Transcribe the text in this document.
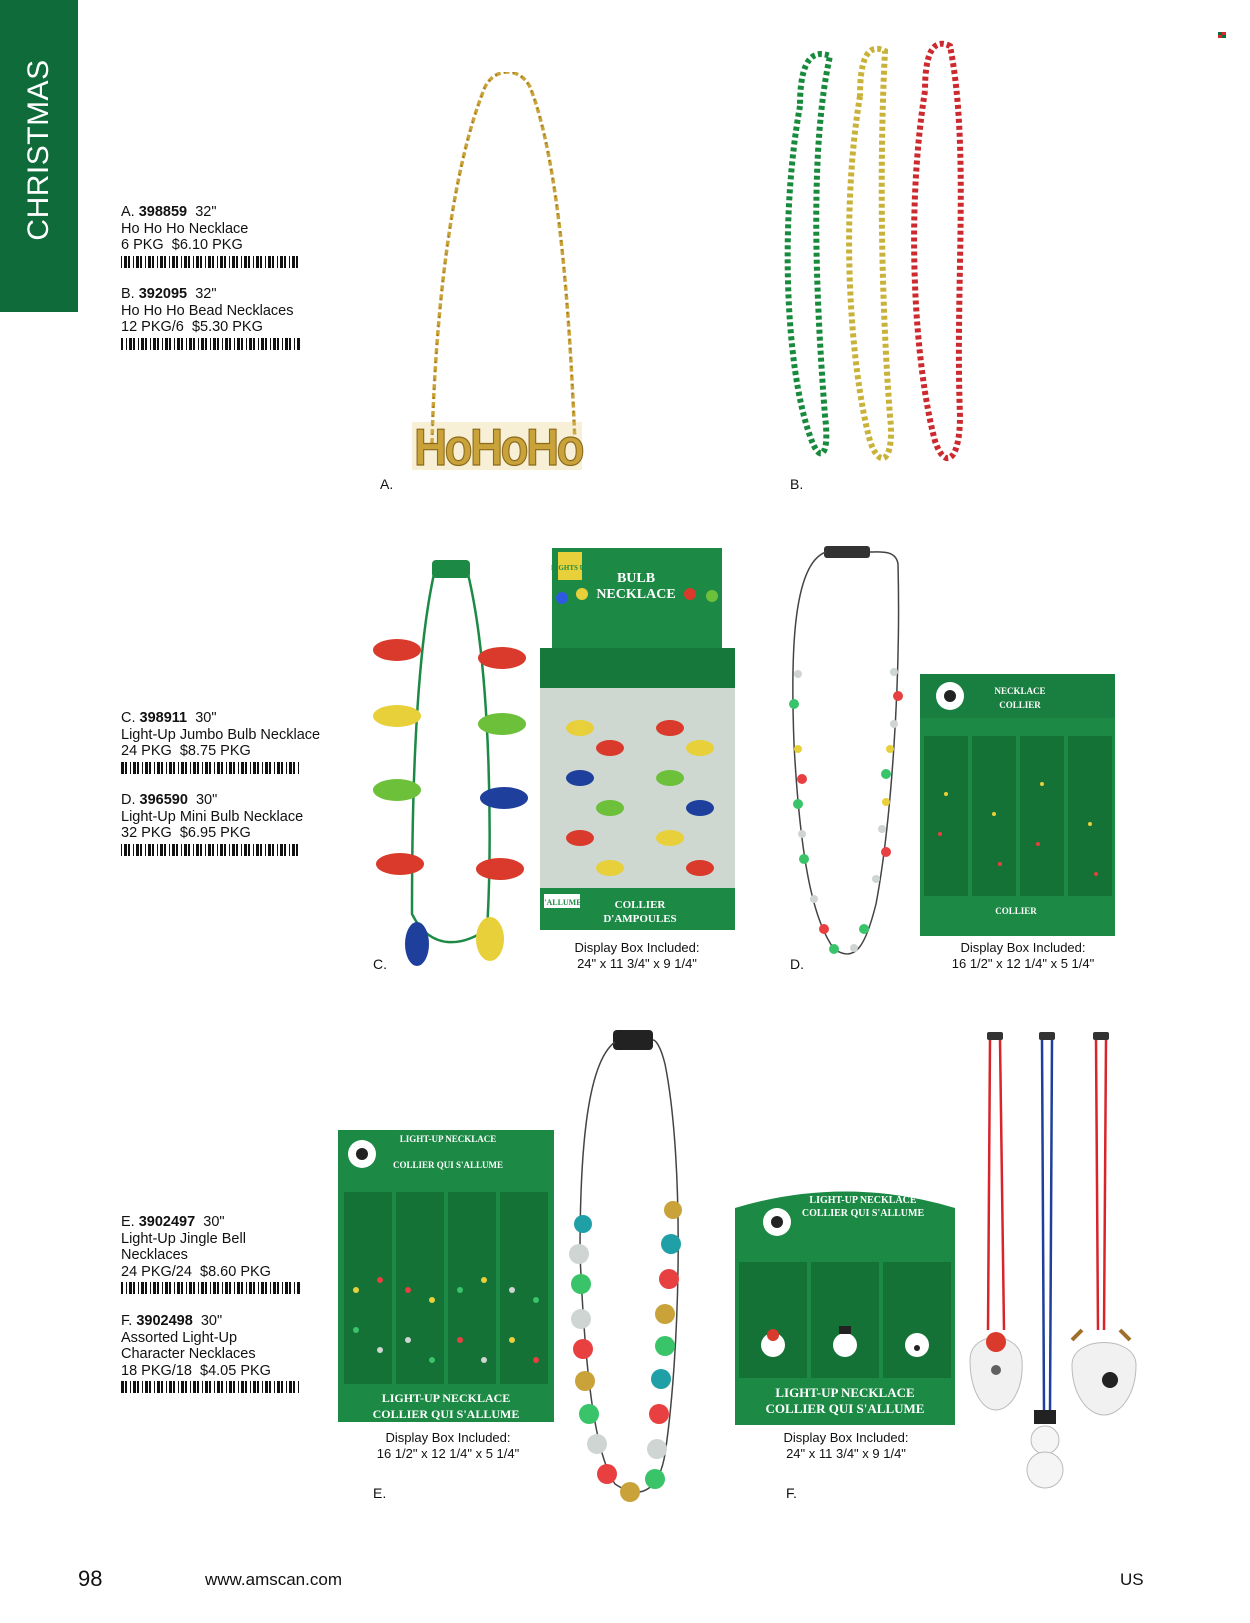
CHRISTMAS	A. 398859 32"
Ho Ho Ho Necklace
6 PKG $6.10 PKG
B. 392095 32"
Ho Ho Ho Bead Necklaces
12 PKG/6 $5.30 PKG
C. 398911 30"
Light-Up Jumbo Bulb Necklace
24 PKG $8.75 PKG
D. 396590 30"
Light-Up Mini Bulb Necklace
32 PKG $6.95 PKG
E. 3902497 30"
Light-Up Jingle Bell
Necklaces
24 PKG/24 $8.60 PKG
F. 3902498 30"
Assorted Light-Up
Character Necklaces
18 PKG/18 $4.05 PKG
HoHoHo
A.	B.
C.
LIGHTS UP
BULB
NECKLACE
S'ALLUME!	COLLIER
D'AMPOULES
Display Box Included:
24" x 11 3/4" x 9 1/4"	D.
NECKLACE
COLLIER
COLLIER
Display Box Included:
16 1/2" x 12 1/4" x 5 1/4"
LIGHT-UP NECKLACE
COLLIER QUI S'ALLUME
LIGHT-UP NECKLACE
COLLIER QUI S'ALLUME
Display Box Included:
16 1/2" x 12 1/4" x 5 1/4"
E.
LIGHT-UP NECKLACE
COLLIER QUI S'ALLUME
LIGHT-UP NECKLACE
COLLIER QUI S'ALLUME
Display Box Included:
24" x 11 3/4" x 9 1/4"
F.
98	www.amscan.com	US
